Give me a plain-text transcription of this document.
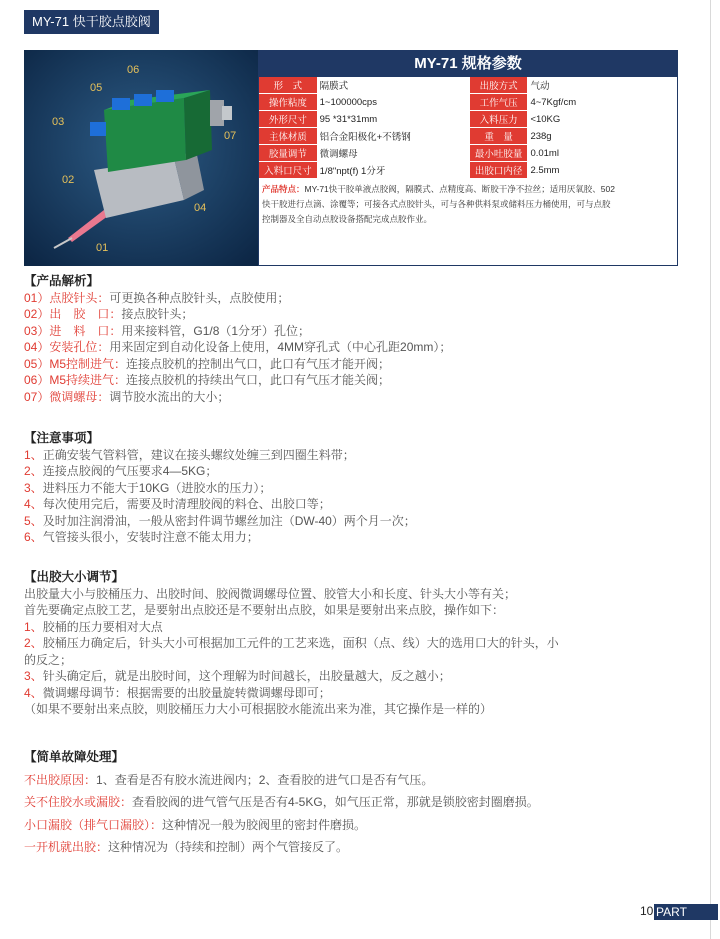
MY-71 快干胶点胶阀
06
05
03
07
02
04
01
MY-71 规格参数
形　式	隔膜式	出胶方式	气动
操作粘度	1~100000cps	工作气压	4~7Kgf/cm
外形尺寸	95 *31*31mm	入料压力	<10KG
主体材质	铝合金阳极化+不锈钢	重　量	238g
胶量调节	微调螺母	最小吐胶量	0.01ml
入料口尺寸	1/8"npt(f) 1分牙	出胶口内径	2.5mm
产品特点：MY-71快干胶单液点胶阀，隔膜式、点精度高、断胶干净不拉丝；适用厌氧胶、502
快干胶进行点滴、涂覆等；可接各式点胶针头，可与各种供料泵或储料压力桶使用，可与点胶
控制器及全自动点胶设备搭配完成点胶作业。
【产品解析】

01）点胶针头：可更换各种点胶针头，点胶使用；

02）出　胶　口：接点胶针头；

03）进　料　口：用来接料管，G1/8（1分牙）孔位；

04）安装孔位：用来固定到自动化设备上使用，4MM穿孔式（中心孔距20mm）；

05）M5控制进气：连接点胶机的控制出气口，此口有气压才能开阀；

06）M5持续进气：连接点胶机的持续出气口，此口有气压才能关阀；

07）微调螺母：调节胶水流出的大小；

【注意事项】

1、正确安装气管料管，建议在接头螺纹处缠三到四圈生料带；

2、连接点胶阀的气压要求4—5KG；

3、进料压力不能大于10KG（进胶水的压力）；

4、每次使用完后，需要及时清理胶阀的料仓、出胶口等；

5、及时加注润滑油，一般从密封件调节螺丝加注（DW-40）两个月一次；

6、气管接头很小，安装时注意不能太用力；

【出胶大小调节】

出胶量大小与胶桶压力、出胶时间、胶阀微调螺母位置、胶管大小和长度、针头大小等有关；

首先要确定点胶工艺，是要射出点胶还是不要射出点胶，如果是要射出来点胶，操作如下：

1、胶桶的压力要相对大点

2、胶桶压力确定后，针头大小可根据加工元件的工艺来选，面积（点、线）大的选用口大的针头，小

的反之；

3、针头确定后，就是出胶时间，这个理解为时间越长，出胶量越大，反之越小；

4、微调螺母调节：根据需要的出胶量旋转微调螺母即可；

（如果不要射出来点胶，则胶桶压力大小可根据胶水能流出来为准，其它操作是一样的）

【简单故障处理】

不出胶原因：1、查看是否有胶水流进阀内；2、查看胶的进气口是否有气压。

关不住胶水或漏胶：查看胶阀的进气管气压是否有4-5KG，如气压正常，那就是锁胶密封圈磨损。

小口漏胶（排气口漏胶）：这种情况一般为胶阀里的密封件磨损。

一开机就出胶：这种情况为（持续和控制）两个气管接反了。

10 PART
